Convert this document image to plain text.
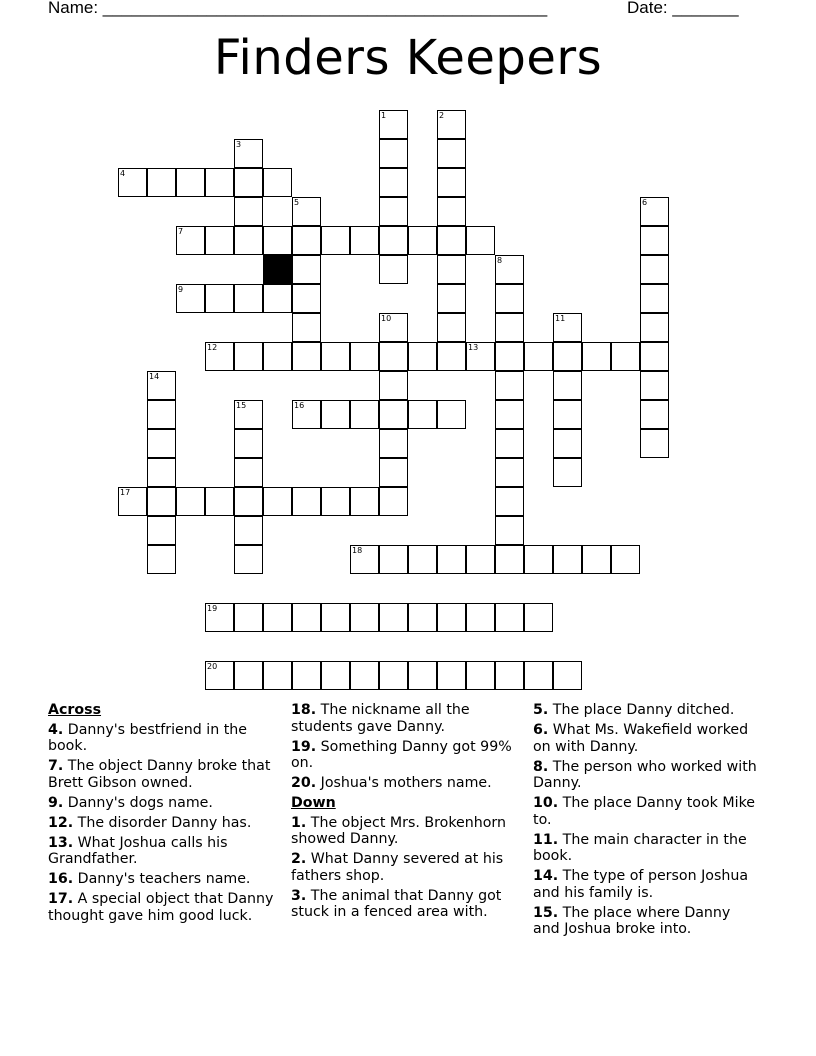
Name: _______________________________________________	Date: _______
Finders Keepers
1	2
3
4
5	6
7
8
9
10	11
12	13
14
15	16
17
18
19
20
Across
4. Danny's bestfriend in the book.
7. The object Danny broke that Brett Gibson owned.
9. Danny's dogs name.
12. The disorder Danny has.
13. What Joshua calls his Grandfather.
16. Danny's teachers name.
17. A special object that Danny thought gave him good luck.
18. The nickname all the students gave Danny.
19. Something Danny got 99% on.
20. Joshua's mothers name.
Down
1. The object Mrs. Brokenhorn showed Danny.
2. What Danny severed at his fathers shop.
3. The animal that Danny got stuck in a fenced area with.
5. The place Danny ditched.
6. What Ms. Wakefield worked on with Danny.
8. The person who worked with Danny.
10. The place Danny took Mike to.
11. The main character in the book.
14. The type of person Joshua and his family is.
15. The place where Danny and Joshua broke into.
